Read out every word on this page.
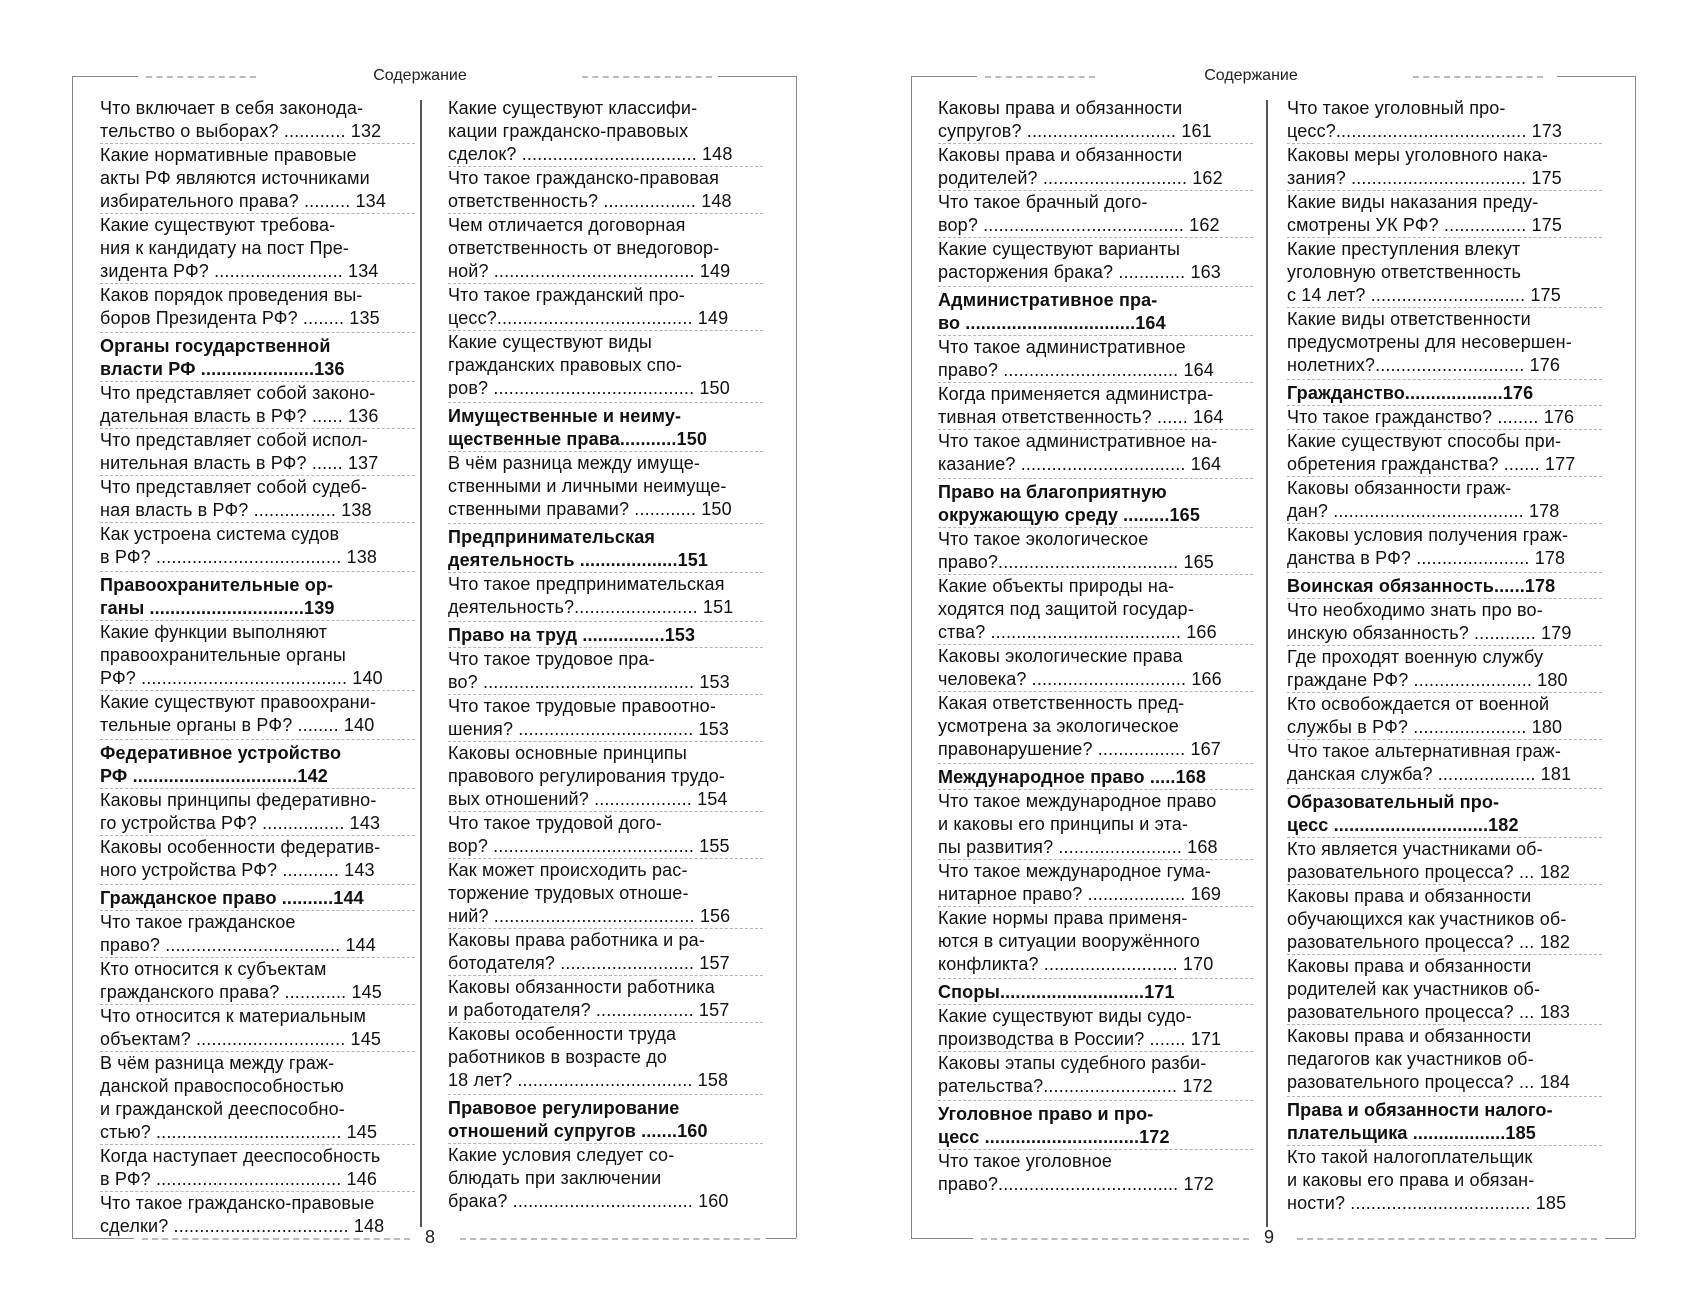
Содержание
Что включает в себя законода-
тельство о выборах? ............ 132
Какие нормативные правовые
акты РФ являются источниками
избирательного права? ......... 134
Какие существуют требова-
ния к кандидату на пост Пре-
зидента РФ? ......................... 134
Каков порядок проведения вы-
боров Президента РФ? ........ 135
Органы государственной
власти РФ ......................136
Что представляет собой законо-
дательная власть в РФ? ...... 136
Что представляет собой испол-
нительная власть в РФ? ...... 137
Что представляет собой судеб-
ная власть в РФ? ................ 138
Как устроена система судов
в РФ? .................................... 138
Правоохранительные ор-
ганы ..............................139
Какие функции выполняют
правоохранительные органы
РФ? ........................................ 140
Какие существуют правоохрани-
тельные органы в РФ? ........ 140
Федеративное устройство
РФ ................................142
Каковы принципы федеративно-
го устройства РФ? ................ 143
Каковы особенности федератив-
ного устройства РФ? ........... 143
Гражданское право ..........144
Что такое гражданское
право? .................................. 144
Кто относится к субъектам
гражданского права? ............ 145
Что относится к материальным
объектам? ............................. 145
В чём разница между граж-
данской правоспособностью
и гражданской дееспособно-
стью? .................................... 145
Когда наступает дееспособность
в РФ? .................................... 146
Что такое гражданско-правовые
сделки? .................................. 148
Какие существуют классифи-
кации гражданско-правовых
сделок? .................................. 148
Что такое гражданско-правовая
ответственность? .................. 148
Чем отличается договорная
ответственность от внедоговор-
ной? ....................................... 149
Что такое гражданский про-
цесс?...................................... 149
Какие существуют виды
гражданских правовых спо-
ров? ....................................... 150
Имущественные и неиму-
щественные права...........150
В чём разница между имуще-
ственными и личными неимуще-
ственными правами? ............ 150
Предпринимательская
деятельность ...................151
Что такое предпринимательская
деятельность?........................ 151
Право на труд ................153
Что такое трудовое пра-
во? ......................................... 153
Что такое трудовые правоотно-
шения? .................................. 153
Каковы основные принципы
правового регулирования трудо-
вых отношений? ................... 154
Что такое трудовой дого-
вор? ....................................... 155
Как может происходить рас-
торжение трудовых отноше-
ний? ....................................... 156
Каковы права работника и ра-
ботодателя? .......................... 157
Каковы обязанности работника
и работодателя? ................... 157
Каковы особенности труда
работников в возрасте до
18 лет? .................................. 158
Правовое регулирование
отношений супругов .......160
Какие условия следует со-
блюдать при заключении
брака? ................................... 160
8
Содержание
Каковы права и обязанности
супругов? ............................. 161
Каковы права и обязанности
родителей? ............................ 162
Что такое брачный дого-
вор? ....................................... 162
Какие существуют варианты
расторжения брака? ............. 163
Административное пра-
во .................................164
Что такое административное
право? .................................. 164
Когда применяется администра-
тивная ответственность? ...... 164
Что такое административное на-
казание? ................................ 164
Право на благоприятную
окружающую среду .........165
Что такое экологическое
право?................................... 165
Какие объекты природы на-
ходятся под защитой государ-
ства? ..................................... 166
Каковы экологические права
человека? .............................. 166
Какая ответственность пред-
усмотрена за экологическое
правонарушение? ................. 167
Международное право .....168
Что такое международное право
и каковы его принципы и эта-
пы развития? ........................ 168
Что такое международное гума-
нитарное право? ................... 169
Какие нормы права применя-
ются в ситуации вооружённого
конфликта? .......................... 170
Споры............................171
Какие существуют виды судо-
производства в России? ....... 171
Каковы этапы судебного разби-
рательства?.......................... 172
Уголовное право и про-
цесс ..............................172
Что такое уголовное
право?................................... 172
Что такое уголовный про-
цесс?..................................... 173
Каковы меры уголовного нака-
зания? .................................. 175
Какие виды наказания преду-
смотрены УК РФ? ................ 175
Какие преступления влекут
уголовную ответственность
с 14 лет? .............................. 175
Какие виды ответственности
предусмотрены для несовершен-
нолетних?............................. 176
Гражданство...................176
Что такое гражданство? ........ 176
Какие существуют способы при-
обретения гражданства? ....... 177
Каковы обязанности граж-
дан? ..................................... 178
Каковы условия получения граж-
данства в РФ? ...................... 178
Воинская обязанность......178
Что необходимо знать про во-
инскую обязанность? ............ 179
Где проходят военную службу
граждане РФ? ....................... 180
Кто освобождается от военной
службы в РФ? ...................... 180
Что такое альтернативная граж-
данская служба? ................... 181
Образовательный про-
цесс ..............................182
Кто является участниками об-
разовательного процесса? ... 182
Каковы права и обязанности
обучающихся как участников об-
разовательного процесса? ... 182
Каковы права и обязанности
родителей как участников об-
разовательного процесса? ... 183
Каковы права и обязанности
педагогов как участников об-
разовательного процесса? ... 184
Права и обязанности налого-
плательщика ..................185
Кто такой налогоплательщик
и каковы его права и обязан-
ности? ................................... 185
9
